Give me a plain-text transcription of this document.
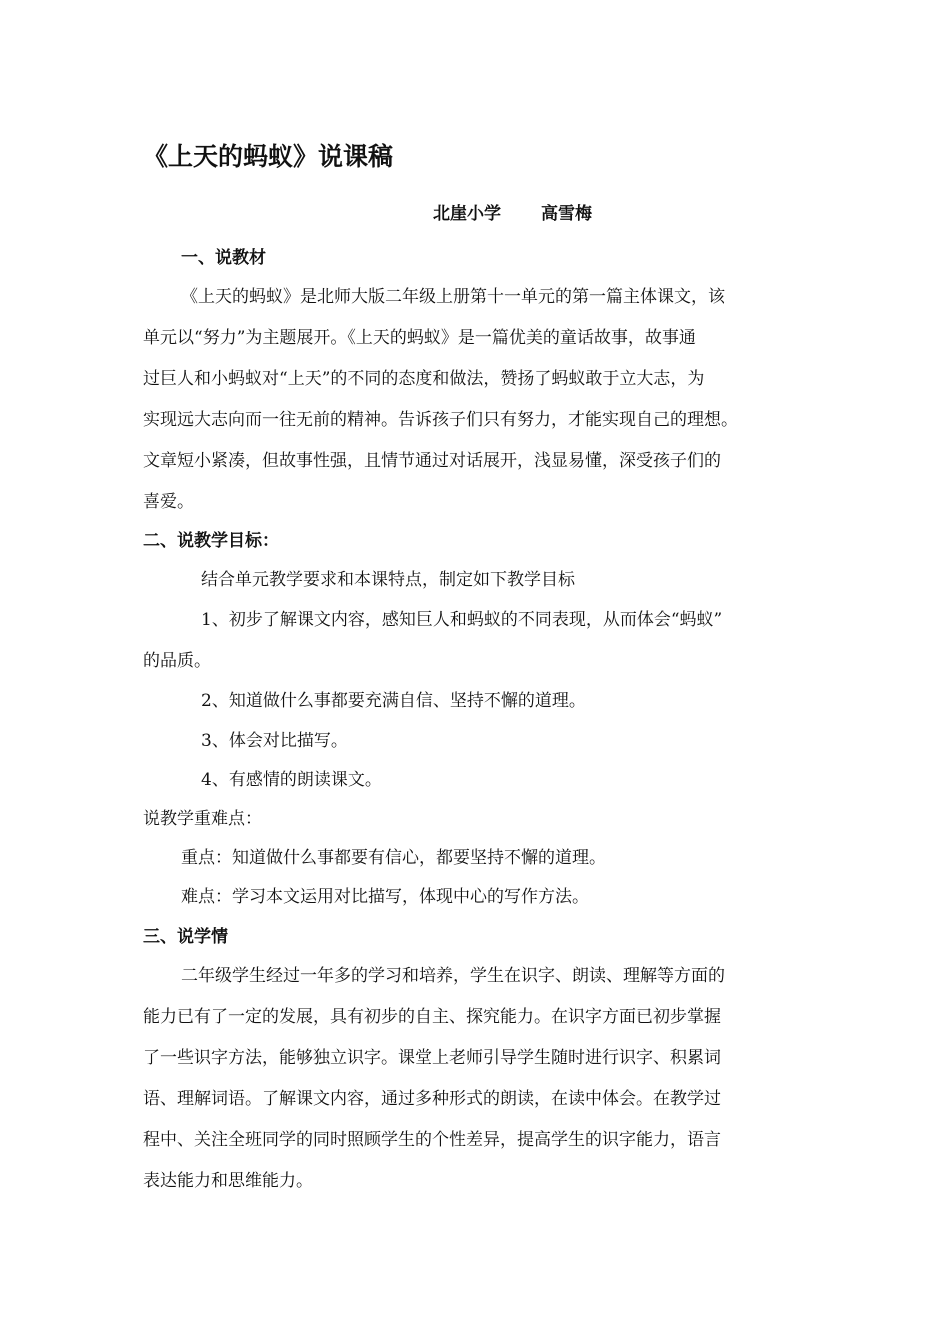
《上天的蚂蚁》说课稿
北崖小学 高雪梅
一、说教材
《上天的蚂蚁》是北师大版二年级上册第十一单元的第一篇主体课文，该
单元以“努力”为主题展开。《上天的蚂蚁》是一篇优美的童话故事，故事通
过巨人和小蚂蚁对“上天”的不同的态度和做法，赞扬了蚂蚁敢于立大志，为
实现远大志向而一往无前的精神。告诉孩子们只有努力，才能实现自己的理想。
文章短小紧凑，但故事性强，且情节通过对话展开，浅显易懂，深受孩子们的
喜爱。
二、说教学目标：
结合单元教学要求和本课特点，制定如下教学目标
1、初步了解课文内容，感知巨人和蚂蚁的不同表现，从而体会“蚂蚁”
的品质。
2、知道做什么事都要充满自信、坚持不懈的道理。
3、体会对比描写。
4、有感情的朗读课文。
说教学重难点：
重点：知道做什么事都要有信心，都要坚持不懈的道理。
难点：学习本文运用对比描写，体现中心的写作方法。
三、说学情
二年级学生经过一年多的学习和培养，学生在识字、朗读、理解等方面的
能力已有了一定的发展，具有初步的自主、探究能力。在识字方面已初步掌握
了一些识字方法，能够独立识字。课堂上老师引导学生随时进行识字、积累词
语、理解词语。了解课文内容，通过多种形式的朗读，在读中体会。在教学过
程中、关注全班同学的同时照顾学生的个性差异，提高学生的识字能力，语言
表达能力和思维能力。
